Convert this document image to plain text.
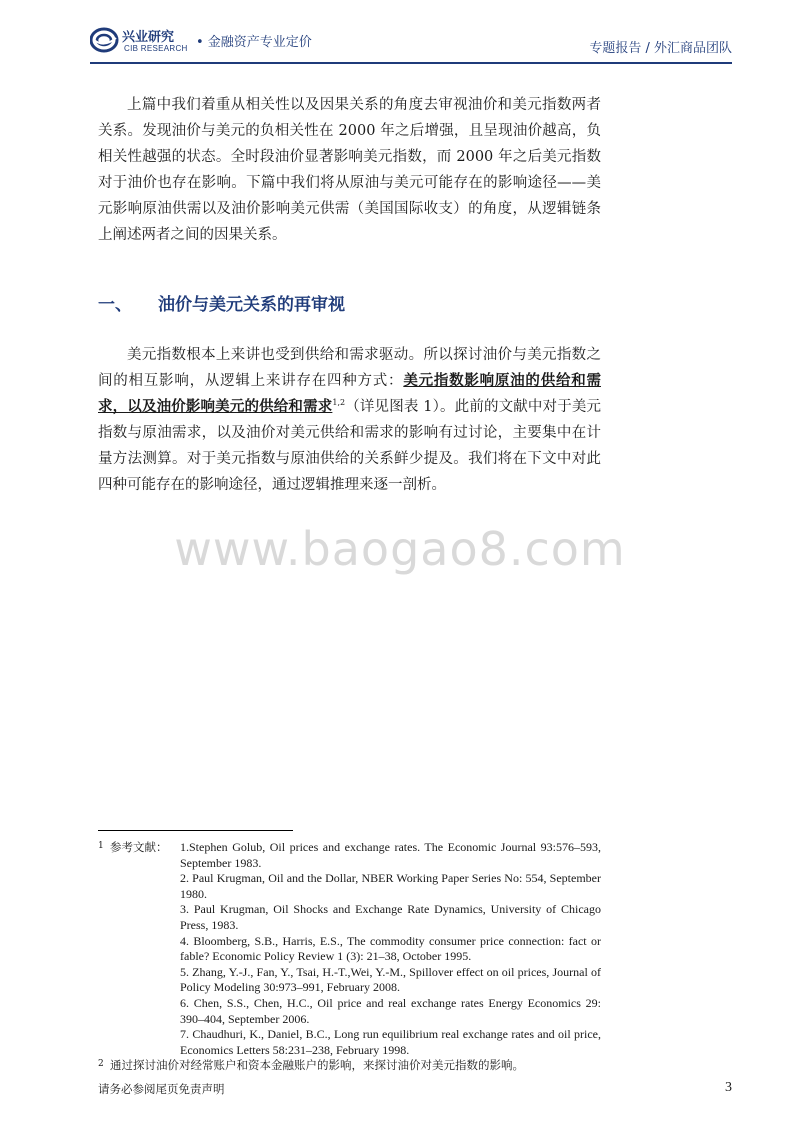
兴业研究
CIB RESEARCH • 金融资产专业定价	专题报告 / 外汇商品团队

上篇中我们着重从相关性以及因果关系的角度去审视油价和美元指数两者关系。发现油价与美元的负相关性在 2000 年之后增强，且呈现油价越高，负相关性越强的状态。全时段油价显著影响美元指数，而 2000 年之后美元指数对于油价也存在影响。下篇中我们将从原油与美元可能存在的影响途径——美元影响原油供需以及油价影响美元供需（美国国际收支）的角度，从逻辑链条上阐述两者之间的因果关系。

一、 油价与美元关系的再审视

美元指数根本上来讲也受到供给和需求驱动。所以探讨油价与美元指数之间的相互影响，从逻辑上来讲存在四种方式：美元指数影响原油的供给和需求，以及油价影响美元的供给和需求$^{1,2}$（详见图表 1）。此前的文献中对于美元指数与原油需求，以及油价对美元供给和需求的影响有过讨论，主要集中在计量方法测算。对于美元指数与原油供给的关系鲜少提及。我们将在下文中对此四种可能存在的影响途径，通过逻辑推理来逐一剖析。

www.baogao8.com
1 参考文献： 1.Stephen Golub, Oil prices and exchange rates. The Economic Journal 93:576–593, September 1983.
2. Paul Krugman, Oil and the Dollar, NBER Working Paper Series No: 554, September 1980.
3. Paul Krugman, Oil Shocks and Exchange Rate Dynamics, University of Chicago Press, 1983.
4. Bloomberg, S.B., Harris, E.S., The commodity consumer price connection: fact or fable? Economic Policy Review 1 (3): 21–38, October 1995.
5. Zhang, Y.-J., Fan, Y., Tsai, H.-T.,Wei, Y.-M., Spillover effect on oil prices, Journal of Policy Modeling 30:973–991, February 2008.
6. Chen, S.S., Chen, H.C., Oil price and real exchange rates Energy Economics 29: 390–404, September 2006.
7. Chaudhuri, K., Daniel, B.C., Long run equilibrium real exchange rates and oil price, Economics Letters 58:231–238, February 1998.
2 通过探讨油价对经常账户和资本金融账户的影响，来探讨油价对美元指数的影响。
请务必参阅尾页免责声明	3
